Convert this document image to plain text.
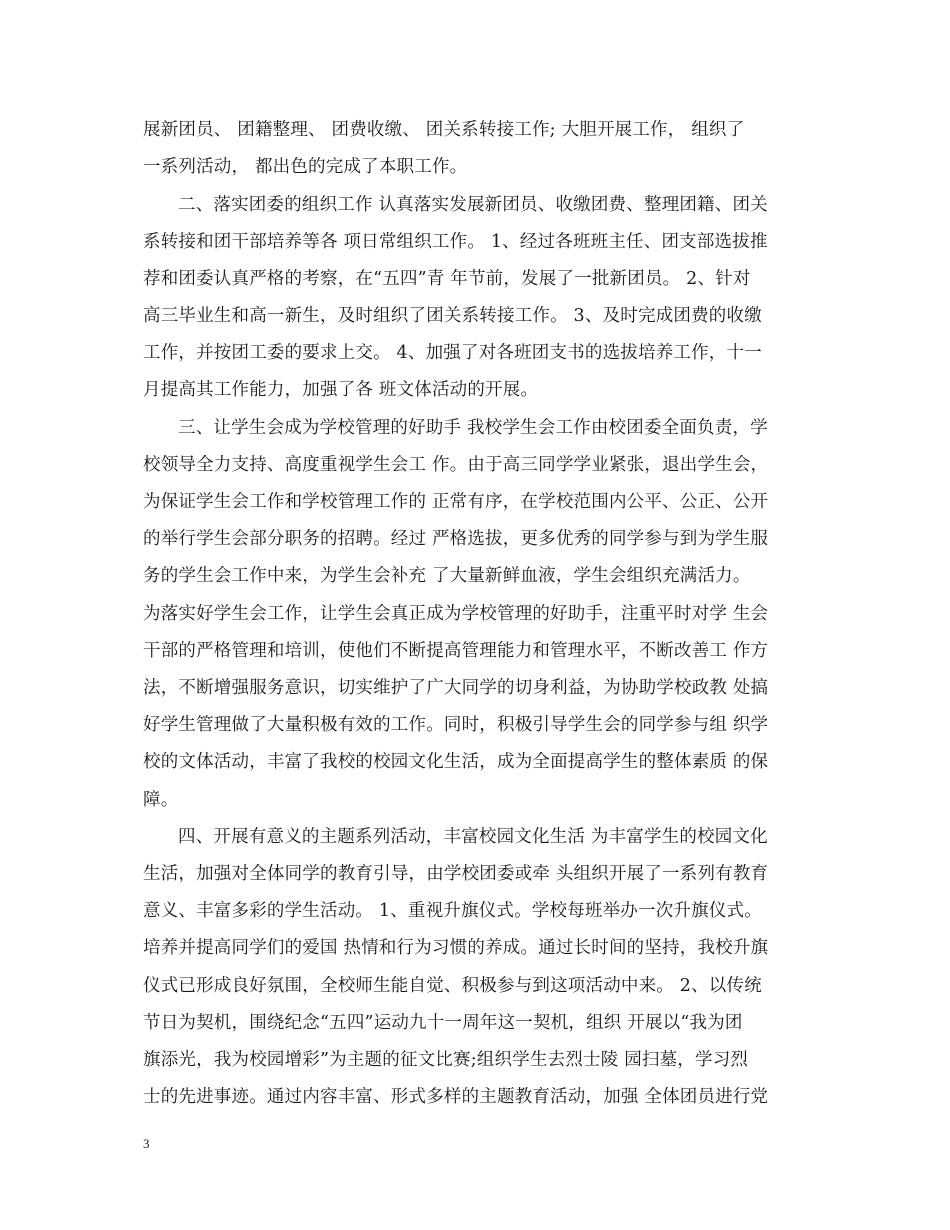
展新团员、 团籍整理、 团费收缴、 团关系转接工作; 大胆开展工作， 组织了
一系列活动， 都出色的完成了本职工作。
二、落实团委的组织工作 认真落实发展新团员、收缴团费、整理团籍、团关
系转接和团干部培养等各 项日常组织工作。 1、经过各班班主任、团支部选拔推
荐和团委认真严格的考察，在“五四”青 年节前，发展了一批新团员。 2、针对
高三毕业生和高一新生，及时组织了团关系转接工作。 3、及时完成团费的收缴
工作，并按团工委的要求上交。 4、加强了对各班团支书的选拔培养工作，十一
月提高其工作能力，加强了各 班文体活动的开展。
三、让学生会成为学校管理的好助手 我校学生会工作由校团委全面负责，学
校领导全力支持、高度重视学生会工 作。由于高三同学学业紧张，退出学生会，
为保证学生会工作和学校管理工作的 正常有序，在学校范围内公平、公正、公开
的举行学生会部分职务的招聘。经过 严格选拔，更多优秀的同学参与到为学生服
务的学生会工作中来，为学生会补充 了大量新鲜血液，学生会组织充满活力。
为落实好学生会工作，让学生会真正成为学校管理的好助手，注重平时对学 生会
干部的严格管理和培训，使他们不断提高管理能力和管理水平，不断改善工 作方
法，不断增强服务意识，切实维护了广大同学的切身利益，为协助学校政教 处搞
好学生管理做了大量积极有效的工作。同时，积极引导学生会的同学参与组 织学
校的文体活动，丰富了我校的校园文化生活，成为全面提高学生的整体素质 的保
障。
四、开展有意义的主题系列活动，丰富校园文化生活 为丰富学生的校园文化
生活，加强对全体同学的教育引导，由学校团委或牵 头组织开展了一系列有教育
意义、丰富多彩的学生活动。 1、重视升旗仪式。学校每班举办一次升旗仪式。
培养并提高同学们的爱国 热情和行为习惯的养成。通过长时间的坚持，我校升旗
仪式已形成良好氛围，全校师生能自觉、积极参与到这项活动中来。 2、以传统
节日为契机，围绕纪念“五四”运动九十一周年这一契机，组织 开展以“我为团
旗添光，我为校园增彩”为主题的征文比赛;组织学生去烈士陵 园扫墓，学习烈
士的先进事迹。通过内容丰富、形式多样的主题教育活动，加强 全体团员进行党
3
